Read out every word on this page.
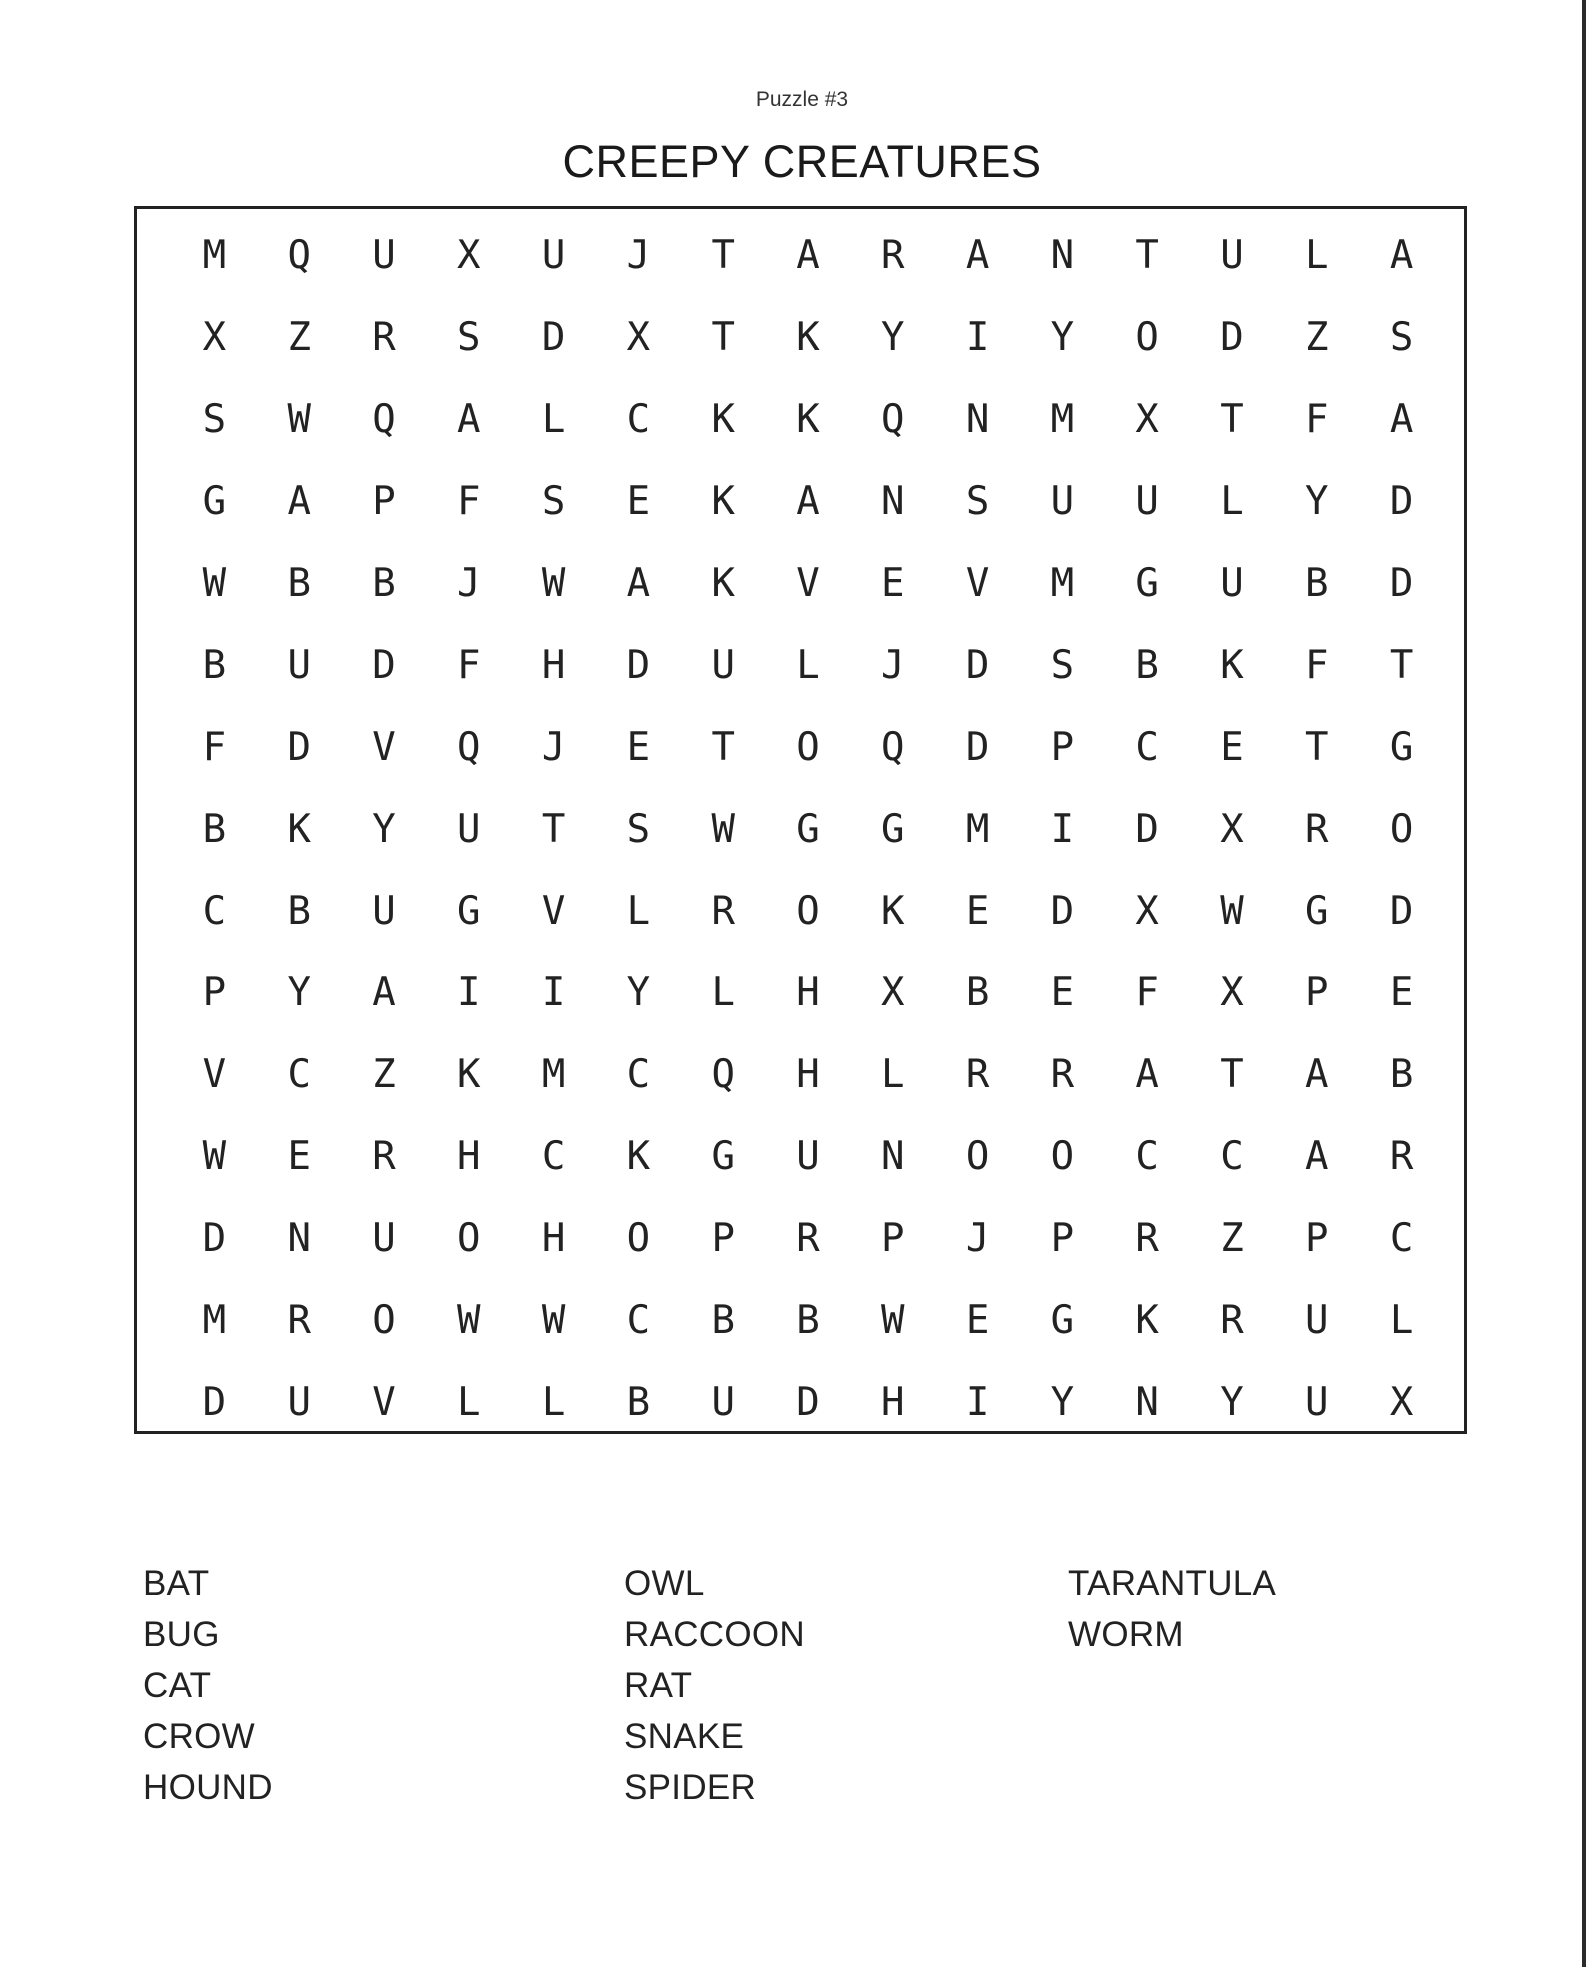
Puzzle #3
CREEPY CREATURES
M	Q	U	X	U	J	T	A	R	A	N	T	U	L	A
X	Z	R	S	D	X	T	K	Y	I	Y	O	D	Z	S
S	W	Q	A	L	C	K	K	Q	N	M	X	T	F	A
G	A	P	F	S	E	K	A	N	S	U	U	L	Y	D
W	B	B	J	W	A	K	V	E	V	M	G	U	B	D
B	U	D	F	H	D	U	L	J	D	S	B	K	F	T
F	D	V	Q	J	E	T	O	Q	D	P	C	E	T	G
B	K	Y	U	T	S	W	G	G	M	I	D	X	R	O
C	B	U	G	V	L	R	O	K	E	D	X	W	G	D
P	Y	A	I	I	Y	L	H	X	B	E	F	X	P	E
V	C	Z	K	M	C	Q	H	L	R	R	A	T	A	B
W	E	R	H	C	K	G	U	N	O	O	C	C	A	R
D	N	U	O	H	O	P	R	P	J	P	R	Z	P	C
M	R	O	W	W	C	B	B	W	E	G	K	R	U	L
D	U	V	L	L	B	U	D	H	I	Y	N	Y	U	X
BAT
BUG
CAT
CROW
HOUND
OWL
RACCOON
RAT
SNAKE
SPIDER
TARANTULA
WORM
